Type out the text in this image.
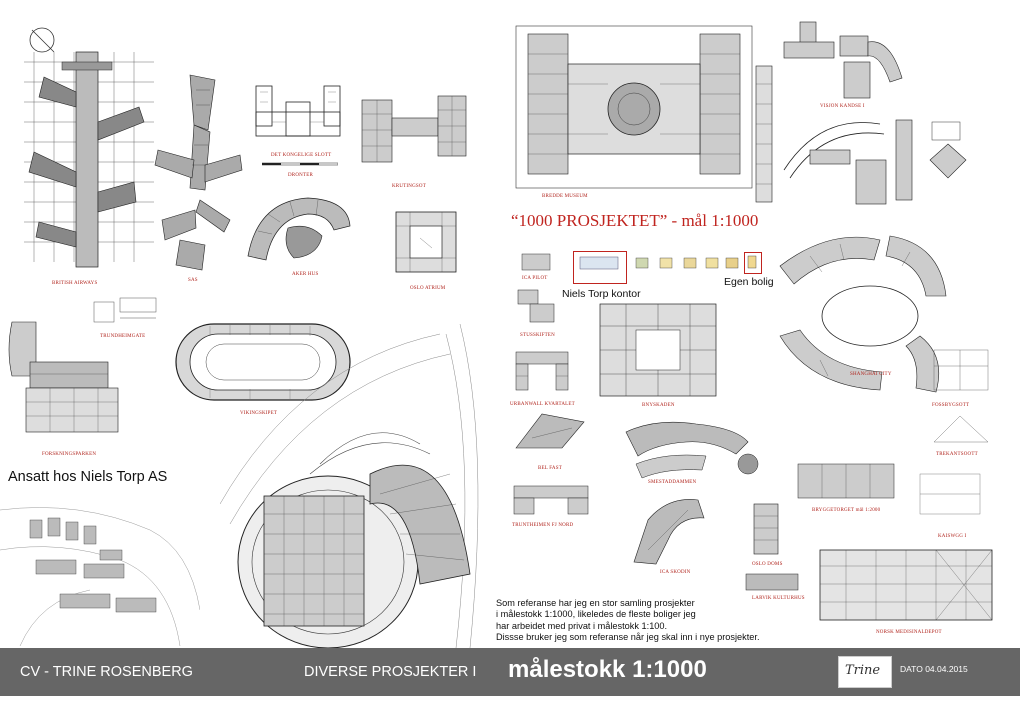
BRITISH AIRWAYS
SAS
DET KONGELIGE SLOTT
DRONTER
KRUTINGSOT
AKER HUS
OSLO ATRIUM
TRUNDHEIMGATE
FORSKNINGSPARKEN
Ansatt hos Niels Torp AS
VIKINGSKIPET
BREDDE MUSEUM
VISJON KANDSE I
“1000 PROSJEKTET” - mål 1:1000
ICA PILOT
Niels Torp kontor
Egen bolig
STUSSKIFTEN
URBANWALL KVARTALET
BEL FAST
TRUNTHEIMEN FJ NORD
BNYSKADEN
SMESTADDAMMEN
ICA SKODIN
OSLO DOMS
LARVIK KULTURHUS
SHANGHAI CITY
FOSSBYGSOTT
TREKANTSOOTT
BRYGGETORGET mål 1:2000
KAISWGG I
NORSK MEDISINALDEPOT
Som referanse har jeg en stor samling prosjekter
i målestokk 1:1000, likeledes de fleste boliger jeg
har arbeidet med privat i målestokk 1:100.
Dissse bruker jeg som referanse når jeg skal inn i nye prosjekter.
CV - TRINE ROSENBERG	DIVERSE PROSJEKTER I målestokk 1:1000	Trine DATO 04.04.2015
